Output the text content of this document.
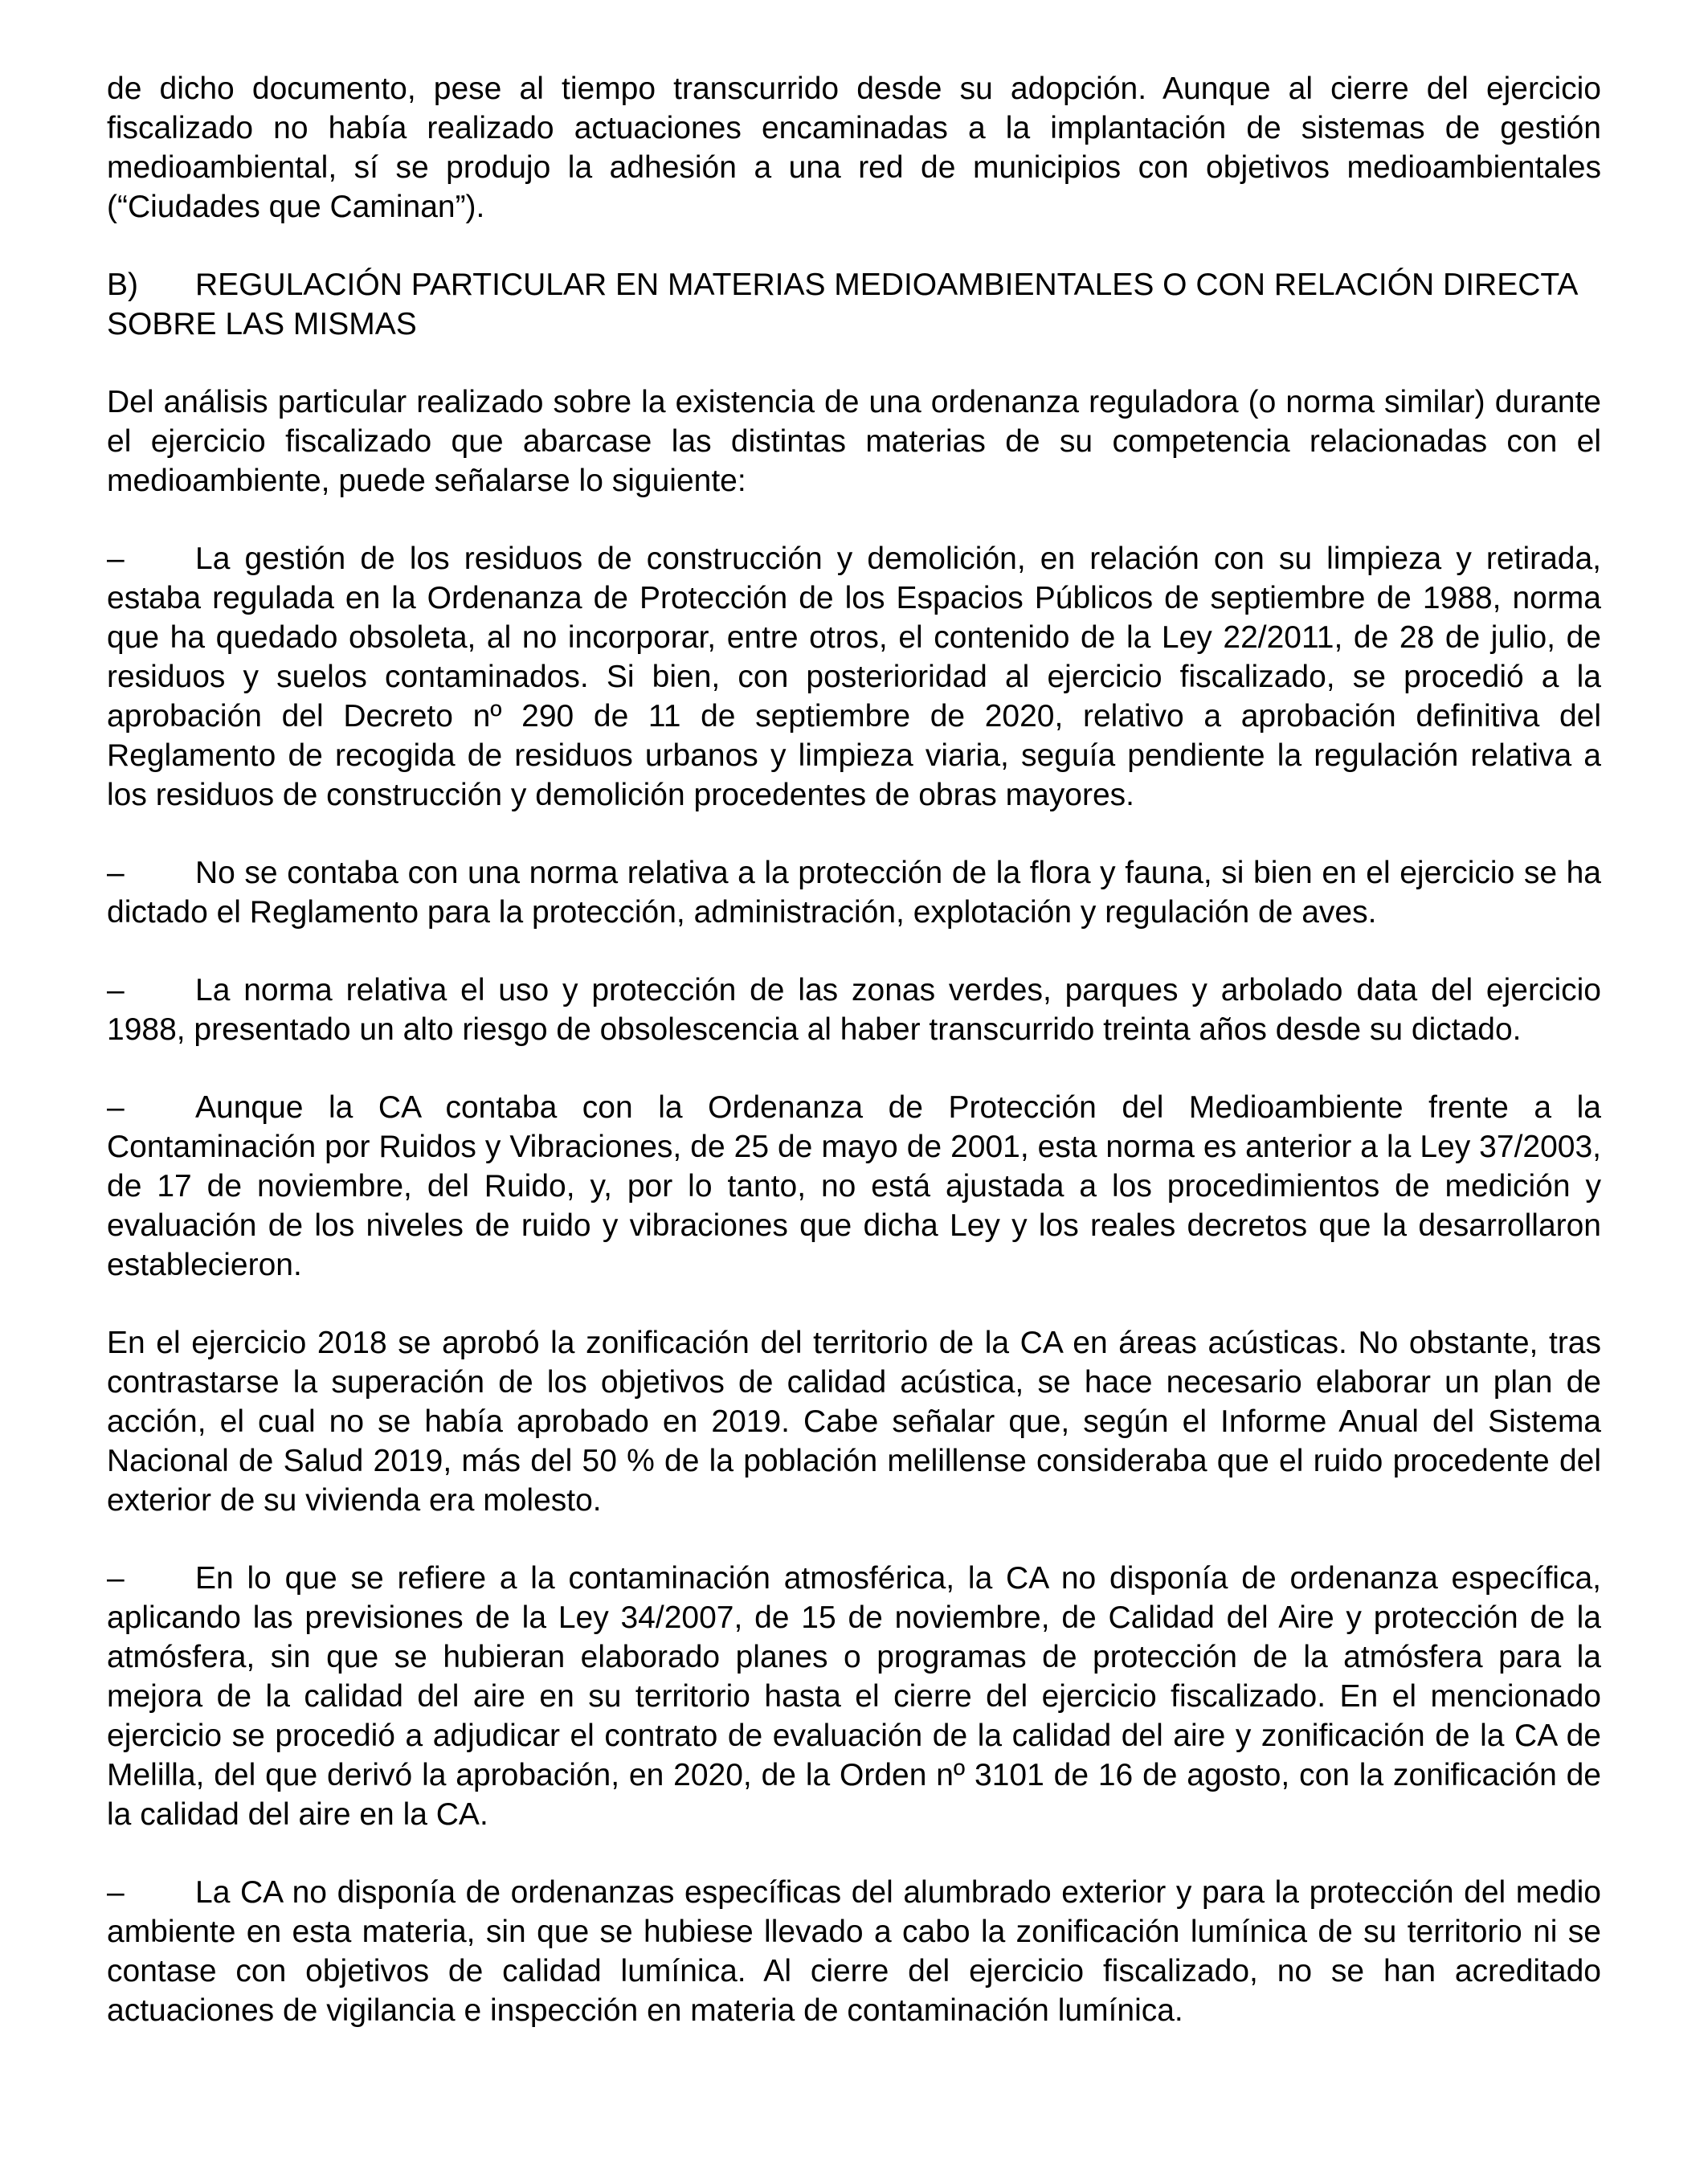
de dicho documento, pese al tiempo transcurrido desde su adopción. Aunque al cierre del ejercicio fiscalizado no había realizado actuaciones encaminadas a la implantación de sistemas de gestión medioambiental, sí se produjo la adhesión a una red de municipios con objetivos medioambientales (“Ciudades que Caminan”).

B) REGULACIÓN PARTICULAR EN MATERIAS MEDIOAMBIENTALES O CON RELACIÓN DIRECTA SOBRE LAS MISMAS

Del análisis particular realizado sobre la existencia de una ordenanza reguladora (o norma similar) durante el ejercicio fiscalizado que abarcase las distintas materias de su competencia relacionadas con el medioambiente, puede señalarse lo siguiente:

– La gestión de los residuos de construcción y demolición, en relación con su limpieza y retirada, estaba regulada en la Ordenanza de Protección de los Espacios Públicos de septiembre de 1988, norma que ha quedado obsoleta, al no incorporar, entre otros, el contenido de la Ley 22/2011, de 28 de julio, de residuos y suelos contaminados. Si bien, con posterioridad al ejercicio fiscalizado, se procedió a la aprobación del Decreto nº 290 de 11 de septiembre de 2020, relativo a aprobación definitiva del Reglamento de recogida de residuos urbanos y limpieza viaria, seguía pendiente la regulación relativa a los residuos de construcción y demolición procedentes de obras mayores.

– No se contaba con una norma relativa a la protección de la flora y fauna, si bien en el ejercicio se ha dictado el Reglamento para la protección, administración, explotación y regulación de aves.

– La norma relativa el uso y protección de las zonas verdes, parques y arbolado data del ejercicio 1988, presentado un alto riesgo de obsolescencia al haber transcurrido treinta años desde su dictado.

– Aunque la CA contaba con la Ordenanza de Protección del Medioambiente frente a la Contaminación por Ruidos y Vibraciones, de 25 de mayo de 2001, esta norma es anterior a la Ley 37/2003, de 17 de noviembre, del Ruido, y, por lo tanto, no está ajustada a los procedimientos de medición y evaluación de los niveles de ruido y vibraciones que dicha Ley y los reales decretos que la desarrollaron establecieron.

En el ejercicio 2018 se aprobó la zonificación del territorio de la CA en áreas acústicas. No obstante, tras contrastarse la superación de los objetivos de calidad acústica, se hace necesario elaborar un plan de acción, el cual no se había aprobado en 2019. Cabe señalar que, según el Informe Anual del Sistema Nacional de Salud 2019, más del 50 % de la población melillense consideraba que el ruido procedente del exterior de su vivienda era molesto.

– En lo que se refiere a la contaminación atmosférica, la CA no disponía de ordenanza específica, aplicando las previsiones de la Ley 34/2007, de 15 de noviembre, de Calidad del Aire y protección de la atmósfera, sin que se hubieran elaborado planes o programas de protección de la atmósfera para la mejora de la calidad del aire en su territorio hasta el cierre del ejercicio fiscalizado. En el mencionado ejercicio se procedió a adjudicar el contrato de evaluación de la calidad del aire y zonificación de la CA de Melilla, del que derivó la aprobación, en 2020, de la Orden nº 3101 de 16 de agosto, con la zonificación de la calidad del aire en la CA.

– La CA no disponía de ordenanzas específicas del alumbrado exterior y para la protección del medio ambiente en esta materia, sin que se hubiese llevado a cabo la zonificación lumínica de su territorio ni se contase con objetivos de calidad lumínica. Al cierre del ejercicio fiscalizado, no se han acreditado actuaciones de vigilancia e inspección en materia de contaminación lumínica.
